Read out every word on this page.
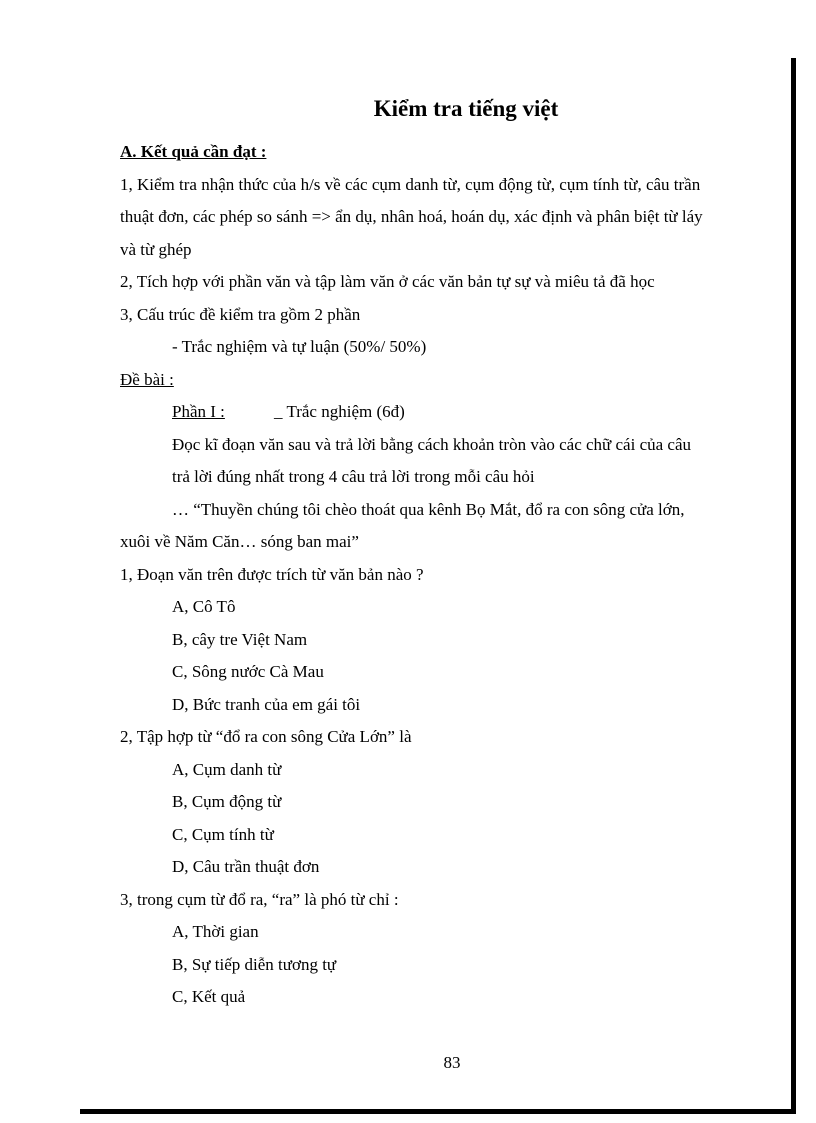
Kiểm tra tiếng việt
A. Kết quả cần đạt :
1, Kiểm tra nhận thức của h/s về các cụm danh từ, cụm động từ, cụm tính từ, câu trần
thuật đơn, các phép so sánh => ẩn dụ, nhân hoá, hoán dụ, xác định và phân biệt từ láy
và từ ghép
2, Tích hợp với phần văn và tập làm văn ở các văn bản tự sự và miêu tả đã học
3, Cấu trúc đề kiểm tra gồm 2 phần
- Trắc nghiệm và tự luận (50%/ 50%)
Đề bài :
Phần I :	_ Trắc nghiệm (6đ)
Đọc kĩ đoạn văn sau và trả lời bằng cách khoản tròn vào các chữ cái của câu
trả lời đúng nhất trong 4 câu trả lời trong mỗi câu hỏi
… “Thuyền chúng tôi chèo thoát qua kênh Bọ Mắt, đổ ra con sông cửa lớn,
xuôi về Năm Căn… sóng ban mai”
1, Đoạn văn trên được trích từ văn bản nào ?
A, Cô Tô
B, cây tre Việt Nam
C, Sông nước Cà Mau
D, Bức tranh của em gái tôi
2, Tập hợp từ “đổ ra con sông Cửa Lớn” là
A, Cụm danh từ
B, Cụm động từ
C, Cụm tính từ
D, Câu trần thuật đơn
3, trong cụm từ đổ ra, “ra” là phó từ chỉ :
A, Thời gian
B, Sự tiếp diễn tương tự
C, Kết quả
83
